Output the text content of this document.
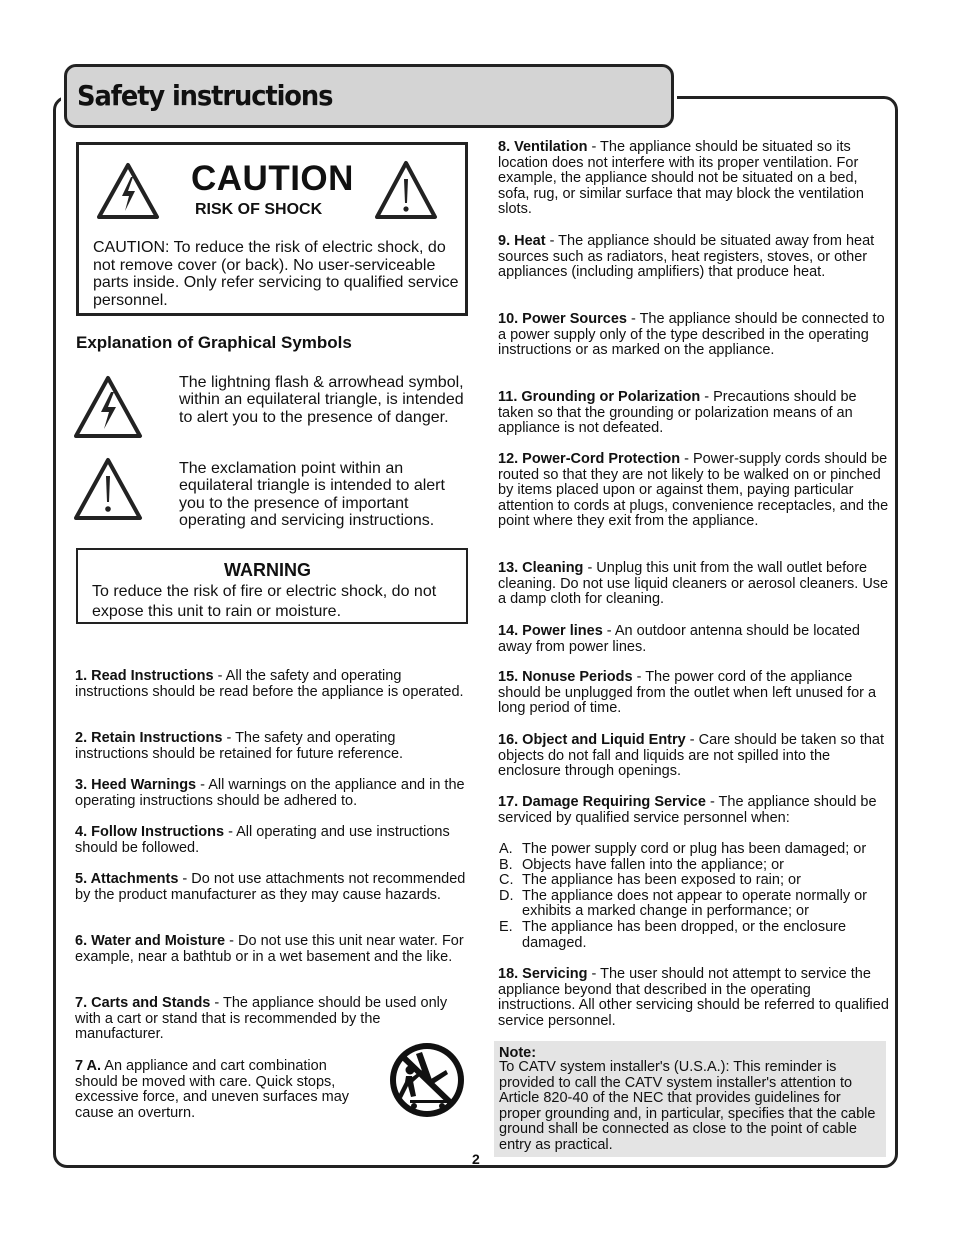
Safety instructions
CAUTION
RISK OF SHOCK
CAUTION: To reduce the risk of electric shock, do not remove cover (or back). No user-serviceable parts inside. Only refer servicing to qualified service personnel.
Explanation of Graphical Symbols
The lightning flash & arrowhead symbol, within an equilateral triangle, is intended to alert you to the presence of danger.
The exclamation point within an equilateral triangle is intended to alert you to the presence of important operating and servicing instructions.
WARNING
To reduce the risk of fire or electric shock, do not expose this unit to rain or moisture.
1. Read Instructions - All the safety and operating instructions should be read before the appliance is operated.
2. Retain Instructions - The safety and operating instructions should be retained for future reference.
3. Heed Warnings - All warnings on the appliance and in the operating instructions should be adhered to.
4. Follow Instructions - All operating and use instructions should be followed.
5. Attachments - Do not use attachments not recommended by the product manufacturer as they may cause hazards.
6. Water and Moisture - Do not use this unit near water. For example, near a bathtub or in a wet basement and the like.
7. Carts and Stands - The appliance should be used only with a cart or stand that is recommended by the manufacturer.
7 A. An appliance and cart combination should be moved with care. Quick stops, excessive force, and uneven surfaces may cause an overturn.
8. Ventilation - The appliance should be situated so its location does not interfere with its proper ventilation. For example, the appliance should not be situated on a bed, sofa, rug, or similar surface that may block the ventilation slots.
9. Heat - The appliance should be situated away from heat sources such as radiators, heat registers, stoves, or other appliances (including amplifiers) that produce heat.
10. Power Sources - The appliance should be connected to a power supply only of the type described in the operating instructions or as marked on the appliance.
11. Grounding or Polarization - Precautions should be taken so that the grounding or polarization means of an appliance is not defeated.
12. Power-Cord Protection - Power-supply cords should be routed so that they are not likely to be walked on or pinched by items placed upon or against them, paying particular attention to cords at plugs, convenience receptacles, and the point where they exit from the appliance.
13. Cleaning - Unplug this unit from the wall outlet before cleaning. Do not use liquid cleaners or aerosol cleaners. Use a damp cloth for cleaning.
14. Power lines - An outdoor antenna should be located away from power lines.
15. Nonuse Periods - The power cord of the appliance should be unplugged from the outlet when left unused for a long period of time.
16. Object and Liquid Entry - Care should be taken so that objects do not fall and liquids are not spilled into the enclosure through openings.
17. Damage Requiring Service - The appliance should be serviced by qualified service personnel when:
A. The power supply cord or plug has been damaged; or
B. Objects have fallen into the appliance; or
C. The appliance has been exposed to rain; or
D. The appliance does not appear to operate normally or exhibits a marked change in performance; or
E. The appliance has been dropped, or the enclosure damaged.
18. Servicing - The user should not attempt to service the appliance beyond that described in the operating instructions. All other servicing should be referred to qualified service personnel.
Note:
To CATV system installer's (U.S.A.): This reminder is provided to call the CATV system installer's attention to Article 820-40 of the NEC that provides guidelines for proper grounding and, in particular, specifies that the cable ground shall be connected as close to the point of cable entry as practical.
2
